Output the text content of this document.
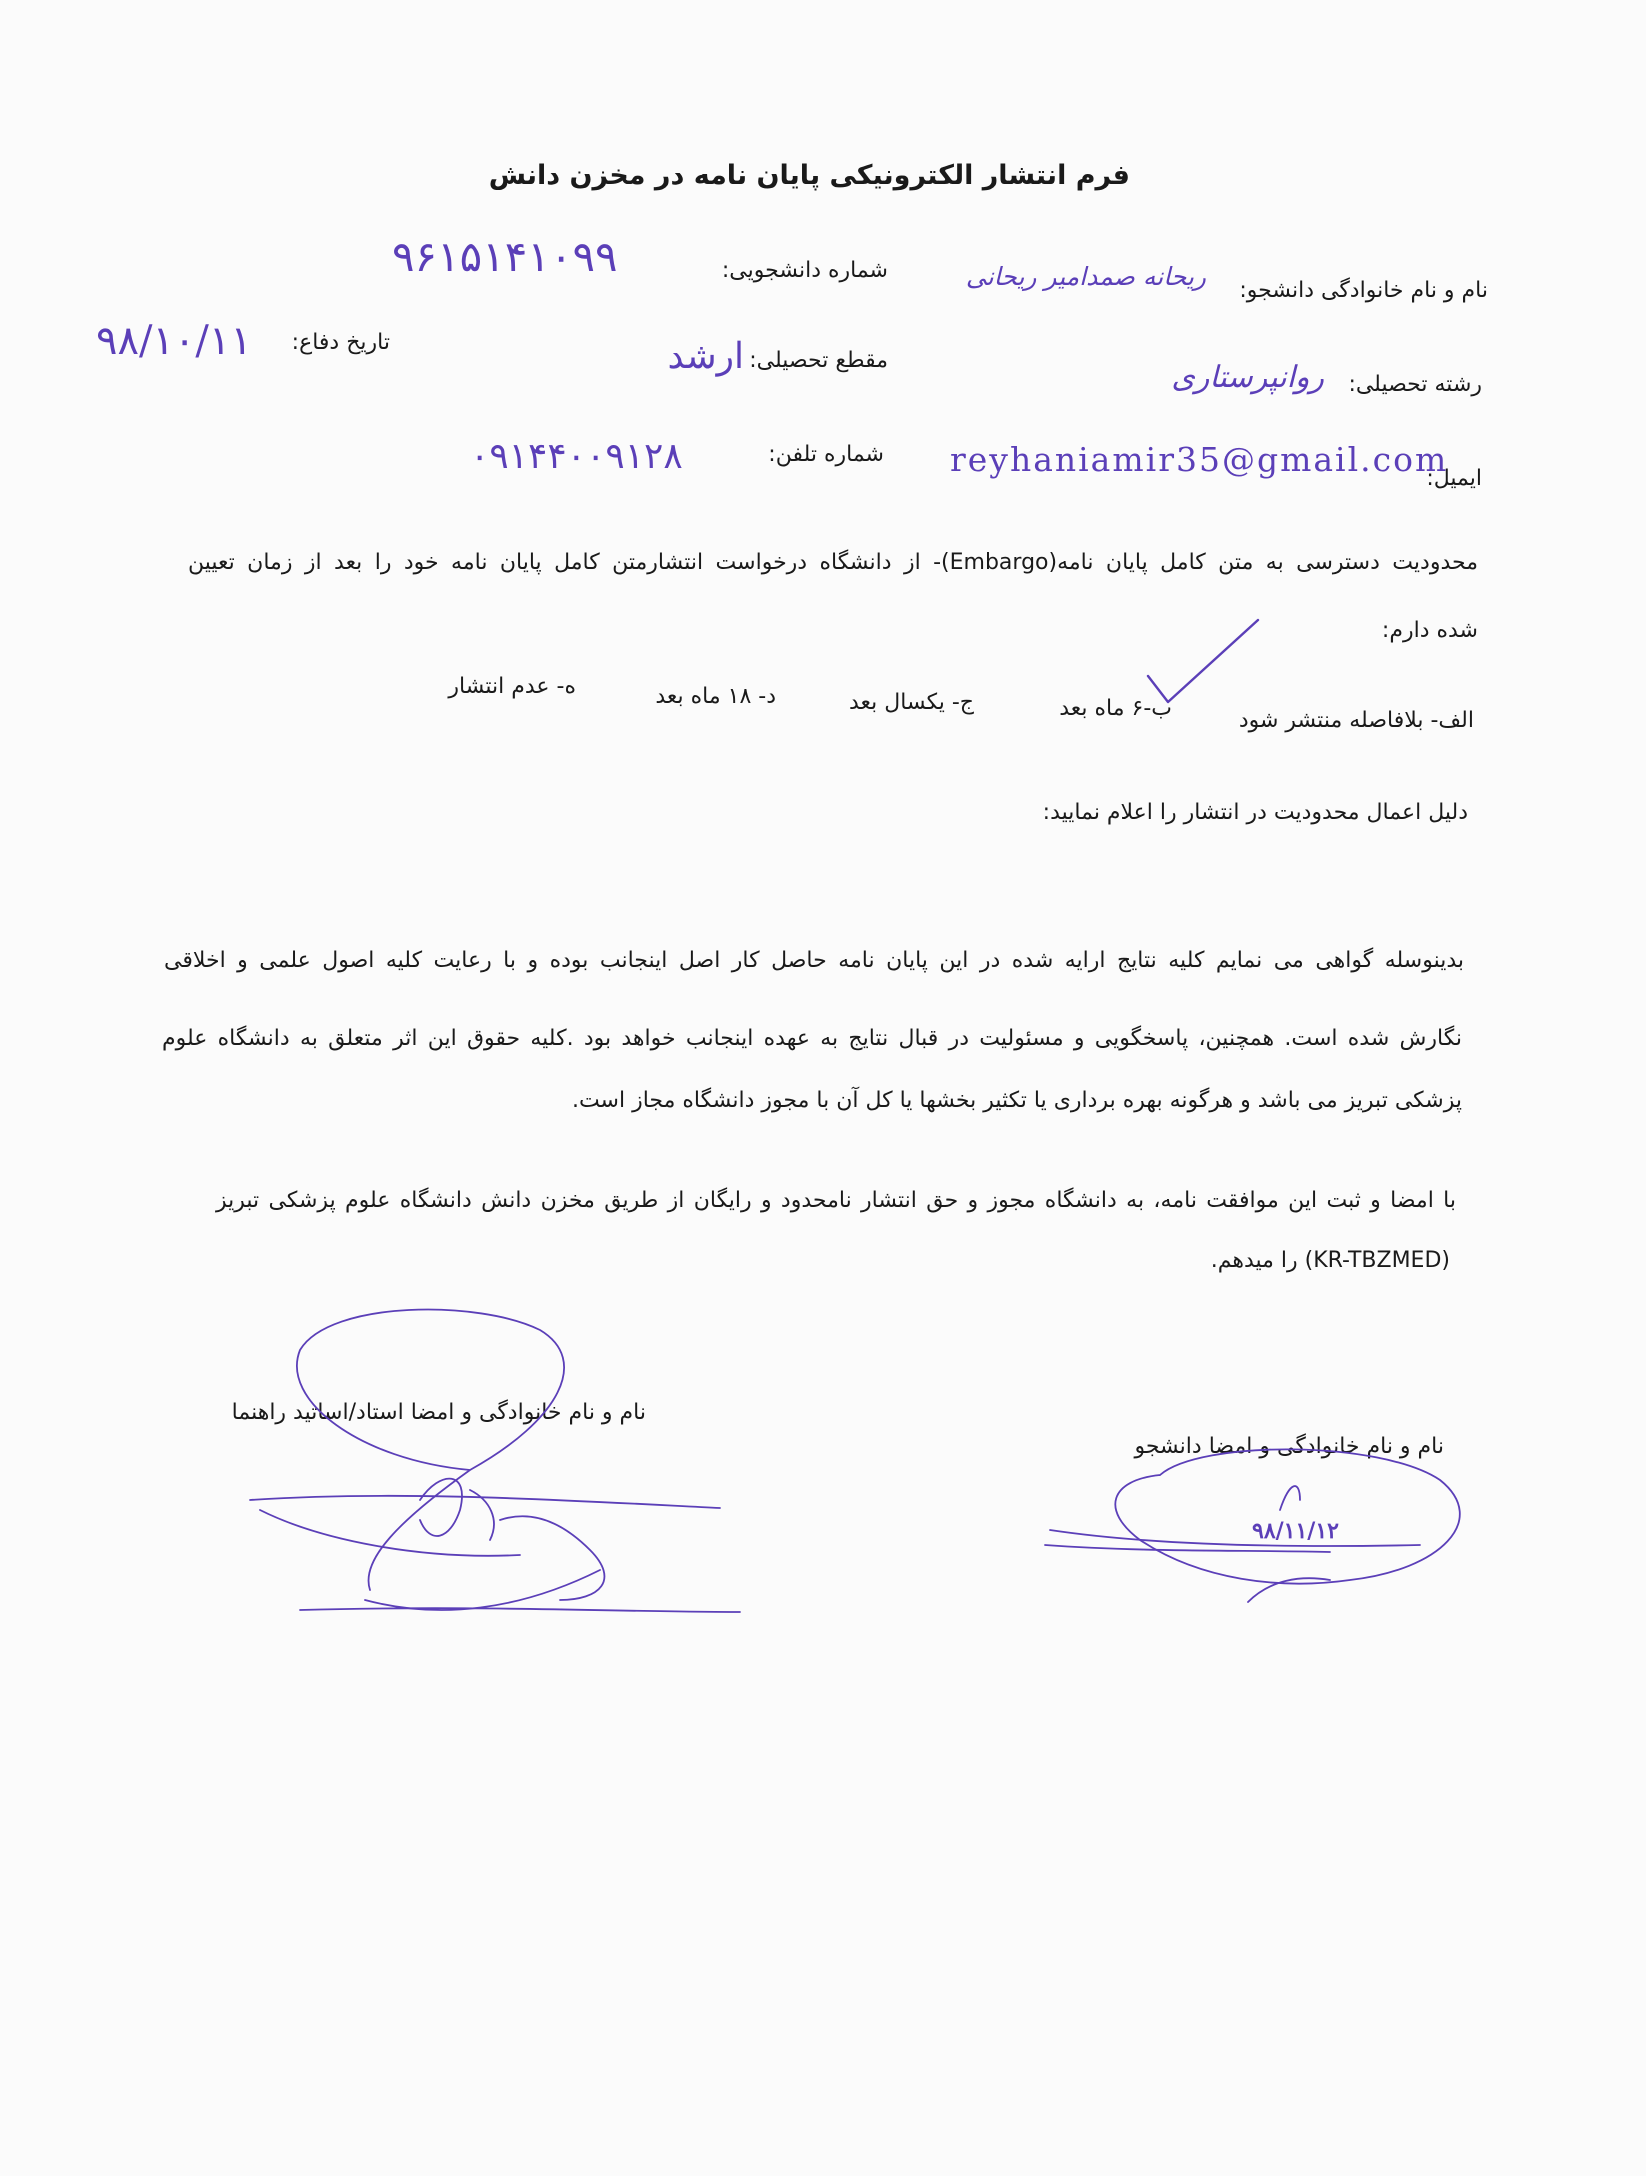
فرم انتشار الکترونیکی پایان نامه در مخزن دانش
نام و نام خانوادگی دانشجو:
ریحانه صمدامیر ریحانی
شماره دانشجویی:
۹۶۱۵۱۴۱۰۹۹
تاریخ دفاع:
۹۸/۱۰/۱۱	مقطع تحصیلی:
ارشد
رشته تحصیلی:
روانپرستاری
ایمیل:
reyhaniamir35@gmail.com
شماره تلفن:
۰۹۱۴۴۰۰۹۱۲۸
محدودیت دسترسی به متن کامل پایان نامه(Embargo)- از دانشگاه درخواست انتشارمتن کامل پایان نامه خود را بعد از زمان تعیین
شده دارم:
الف- بلافاصله منتشر شود
ب-۶ ماه بعد
ج- یکسال بعد
د- ۱۸ ماه بعد
ه- عدم انتشار
دلیل اعمال محدودیت در انتشار را اعلام نمایید:
بدینوسله گواهی می نمایم کلیه نتایج ارایه شده در این پایان نامه حاصل کار اصل اینجانب بوده و با رعایت کلیه اصول علمی و اخلاقی
نگارش شده است. همچنین، پاسخگویی و مسئولیت در قبال نتایج به عهده اینجانب خواهد بود .کلیه حقوق این اثر متعلق به دانشگاه علوم
پزشکی تبریز می باشد و هرگونه بهره برداری یا تکثیر بخشها یا کل آن با مجوز دانشگاه مجاز است.
با امضا و ثبت این موافقت نامه، به دانشگاه مجوز و حق انتشار نامحدود و رایگان از طریق مخزن دانش دانشگاه علوم پزشکی تبریز
(KR-TBZMED) را میدهم.
نام و نام خانوادگی و امضا استاد/اساتید راهنما
نام و نام خانوادگی و امضا دانشجو
۹۸/۱۱/۱۲
